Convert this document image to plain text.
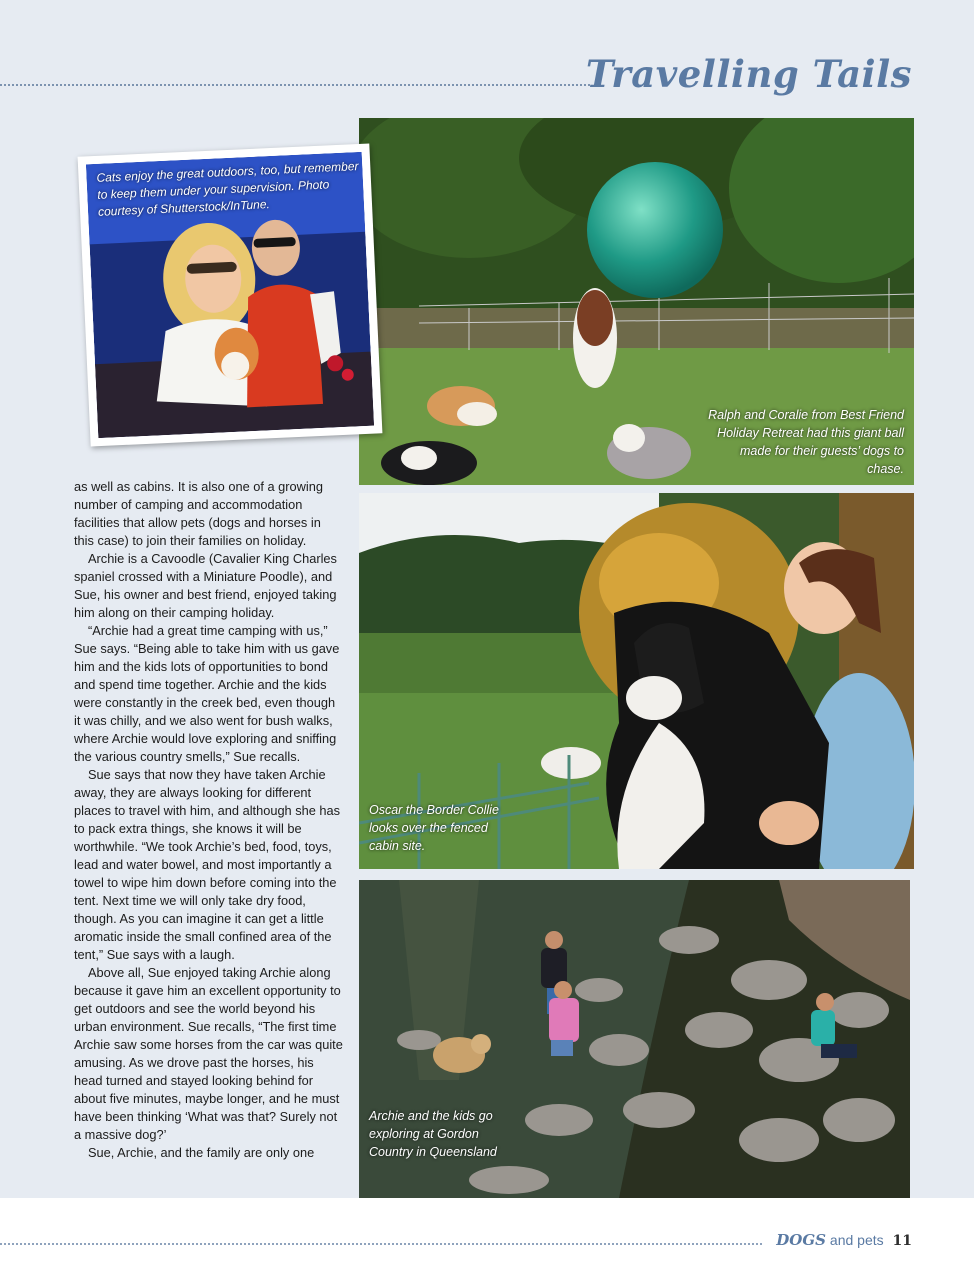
Travelling Tails
Ralph and Coralie from Best Friend Holiday Retreat had this giant ball made for their guests’ dogs to chase.
Cats enjoy the great outdoors, too, but remember to keep them under your supervision. Photo courtesy of Shutterstock/InTune.
Oscar the Border Collie looks over the fenced cabin site.
Archie and the kids go exploring at Gordon Country in Queensland

as well as cabins. It is also one of a growing number of camping and accommodation facilities that allow pets (dogs and horses in this case) to join their families on holiday.

Archie is a Cavoodle (Cavalier King Charles spaniel crossed with a Miniature Poodle), and Sue, his owner and best friend, enjoyed taking him along on their camping holiday.

“Archie had a great time camping with us,” Sue says. “Being able to take him with us gave him and the kids lots of opportunities to bond and spend time together. Archie and the kids were constantly in the creek bed, even though it was chilly, and we also went for bush walks, where Archie would love exploring and sniffing the various country smells,” Sue recalls.

Sue says that now they have taken Archie away, they are always looking for different places to travel with him, and although she has to pack extra things, she knows it will be worthwhile. “We took Archie’s bed, food, toys, lead and water bowel, and most importantly a towel to wipe him down before coming into the tent. Next time we will only take dry food, though. As you can imagine it can get a little aromatic inside the small confined area of the tent,” Sue says with a laugh.

Above all, Sue enjoyed taking Archie along because it gave him an excellent opportunity to get outdoors and see the world beyond his urban environment. Sue recalls, “The first time Archie saw some horses from the car was quite amusing. As we drove past the horses, his head turned and stayed looking behind for about five minutes, maybe longer, and he must have been thinking ‘What was that? Surely not a massive dog?’

Sue, Archie, and the family are only one

DOGS and pets 11
